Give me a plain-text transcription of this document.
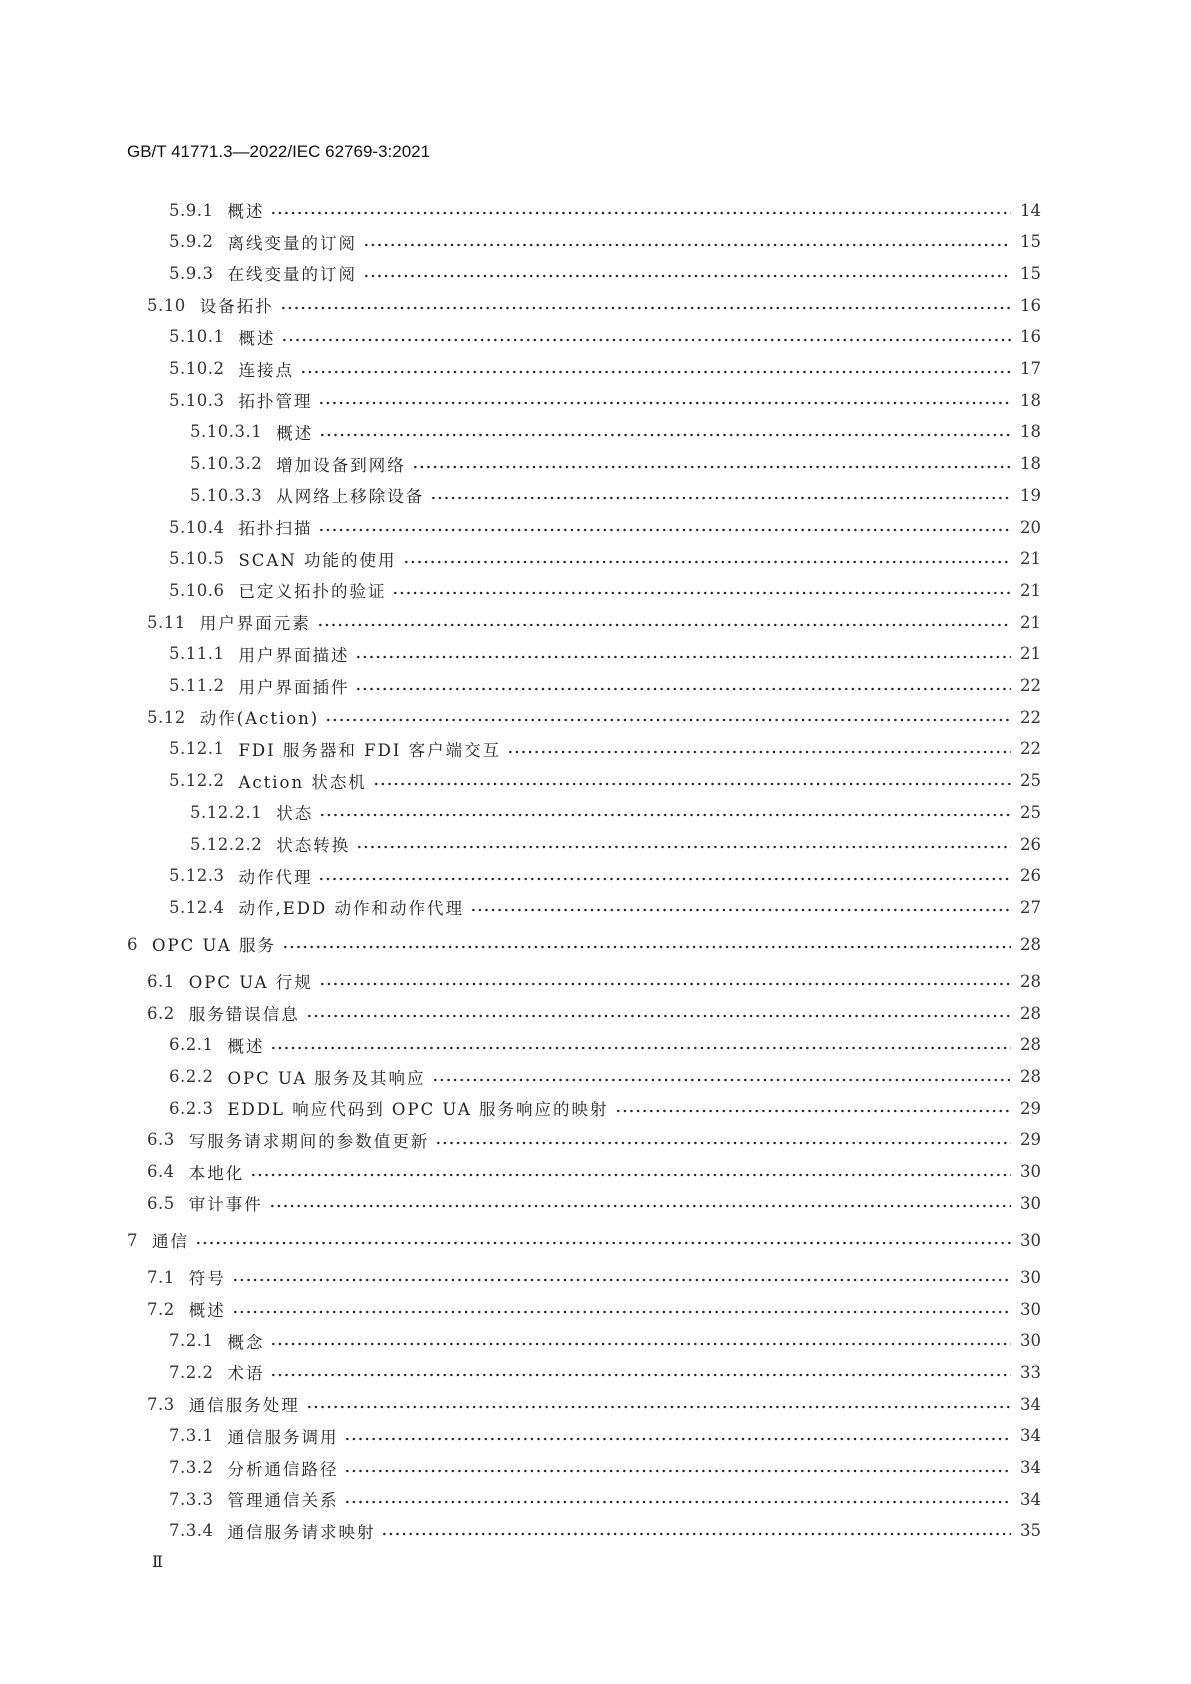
GB/T 41771.3—2022/IEC 62769-3:2021
5.9.1 概述	14
5.9.2 离线变量的订阅	15
5.9.3 在线变量的订阅	15
5.10 设备拓扑	16
5.10.1 概述	16
5.10.2 连接点	17
5.10.3 拓扑管理	18
5.10.3.1 概述	18
5.10.3.2 增加设备到网络	18
5.10.3.3 从网络上移除设备	19
5.10.4 拓扑扫描	20
5.10.5 SCAN 功能的使用	21
5.10.6 已定义拓扑的验证	21
5.11 用户界面元素	21
5.11.1 用户界面描述	21
5.11.2 用户界面插件	22
5.12 动作(Action)	22
5.12.1 FDI 服务器和 FDI 客户端交互	22
5.12.2 Action 状态机	25
5.12.2.1 状态	25
5.12.2.2 状态转换	26
5.12.3 动作代理	26
5.12.4 动作,EDD 动作和动作代理	27
6 OPC UA 服务	28
6.1 OPC UA 行规	28
6.2 服务错误信息	28
6.2.1 概述	28
6.2.2 OPC UA 服务及其响应	28
6.2.3 EDDL 响应代码到 OPC UA 服务响应的映射	29
6.3 写服务请求期间的参数值更新	29
6.4 本地化	30
6.5 审计事件	30
7 通信	30
7.1 符号	30
7.2 概述	30
7.2.1 概念	30
7.2.2 术语	33
7.3 通信服务处理	34
7.3.1 通信服务调用	34
7.3.2 分析通信路径	34
7.3.3 管理通信关系	34
7.3.4 通信服务请求映射	35
Ⅱ
